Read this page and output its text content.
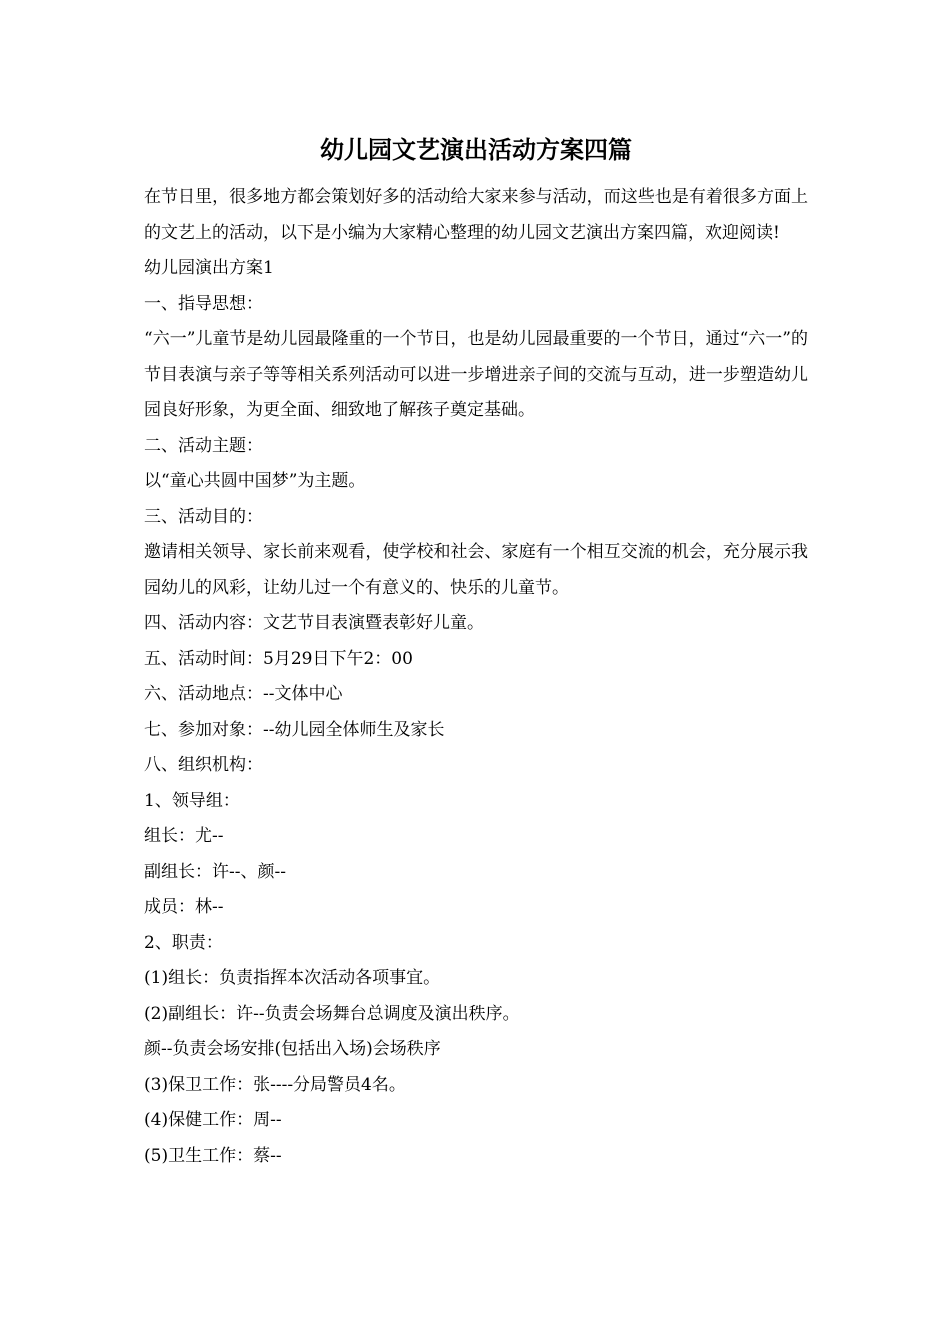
幼儿园文艺演出活动方案四篇

在节日里，很多地方都会策划好多的活动给大家来参与活动，而这些也是有着很多方面上的文艺上的活动，以下是小编为大家精心整理的幼儿园文艺演出方案四篇，欢迎阅读!

幼儿园演出方案1

一、指导思想：

“六一”儿童节是幼儿园最隆重的一个节日，也是幼儿园最重要的一个节日，通过“六一”的节目表演与亲子等等相关系列活动可以进一步增进亲子间的交流与互动，进一步塑造幼儿园良好形象，为更全面、细致地了解孩子奠定基础。

二、活动主题：

以“童心共圆中国梦”为主题。

三、活动目的：

邀请相关领导、家长前来观看，使学校和社会、家庭有一个相互交流的机会，充分展示我园幼儿的风彩，让幼儿过一个有意义的、快乐的儿童节。

四、活动内容：文艺节目表演暨表彰好儿童。

五、活动时间：5月29日下午2：00

六、活动地点：--文体中心

七、参加对象：--幼儿园全体师生及家长

八、组织机构：

1、领导组：

组长：尤--

副组长：许--、颜--

成员：林--

2、职责：

(1)组长：负责指挥本次活动各项事宜。

(2)副组长：许--负责会场舞台总调度及演出秩序。

颜--负责会场安排(包括出入场)会场秩序

(3)保卫工作：张----分局警员4名。

(4)保健工作：周--

(5)卫生工作：蔡--
